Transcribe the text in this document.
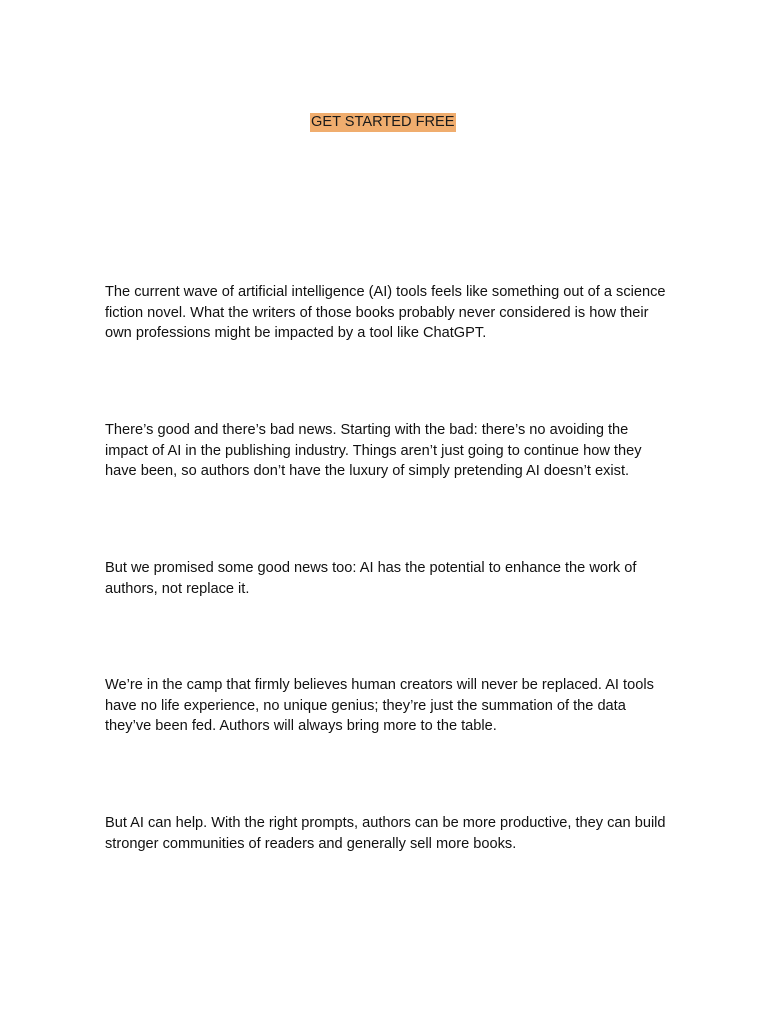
GET STARTED FREE

The current wave of artificial intelligence (AI) tools feels like something out of a science fiction novel. What the writers of those books probably never considered is how their own professions might be impacted by a tool like ChatGPT.

There’s good and there’s bad news. Starting with the bad: there’s no avoiding the impact of AI in the publishing industry. Things aren’t just going to continue how they have been, so authors don’t have the luxury of simply pretending AI doesn’t exist.

But we promised some good news too: AI has the potential to enhance the work of authors, not replace it.

We’re in the camp that firmly believes human creators will never be replaced. AI tools have no life experience, no unique genius; they’re just the summation of the data they’ve been fed. Authors will always bring more to the table.

But AI can help. With the right prompts, authors can be more productive, they can build stronger communities of readers and generally sell more books.
